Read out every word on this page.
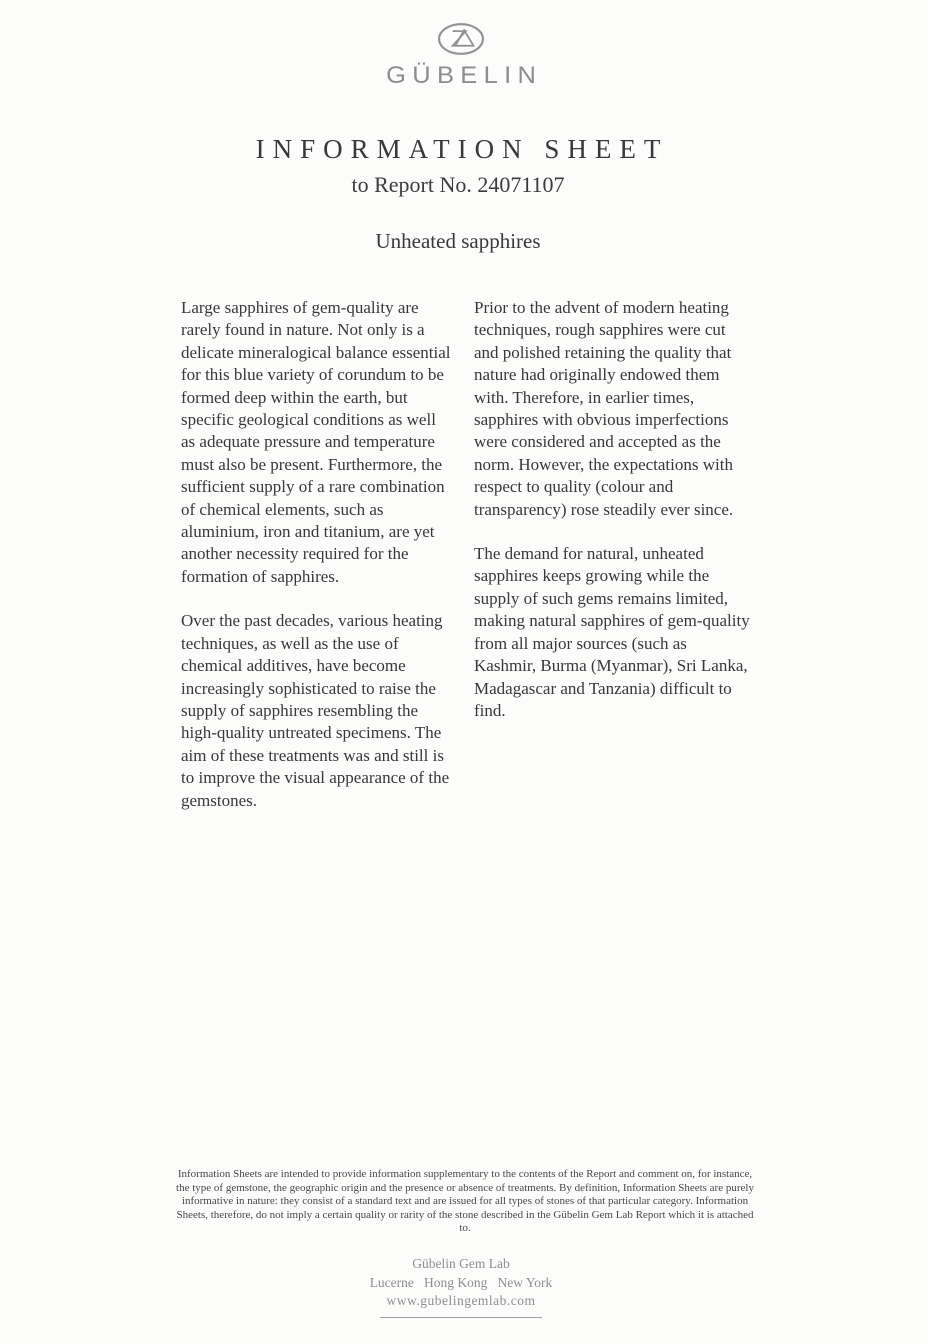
GÜBELIN
INFORMATION SHEET
to Report No. 24071107
Unheated sapphires

Large sapphires of gem-quality are rarely found in nature. Not only is a delicate mineralogical balance essential for this blue variety of corundum to be formed deep within the earth, but specific geological conditions as well as adequate pressure and temperature must also be present. Furthermore, the sufficient supply of a rare combination of chemical elements, such as aluminium, iron and titanium, are yet another necessity required for the formation of sapphires.

Over the past decades, various heating techniques, as well as the use of chemical additives, have become increasingly sophisticated to raise the supply of sapphires resembling the high-quality untreated specimens. The aim of these treatments was and still is to improve the visual appearance of the gemstones.

Prior to the advent of modern heating techniques, rough sapphires were cut and polished retaining the quality that nature had originally endowed them with. Therefore, in earlier times, sapphires with obvious imperfections were considered and accepted as the norm. However, the expectations with respect to quality (colour and transparency) rose steadily ever since.

The demand for natural, unheated sapphires keeps growing while the supply of such gems remains limited, making natural sapphires of gem-quality from all major sources (such as Kashmir, Burma (Myanmar), Sri Lanka, Madagascar and Tanzania) difficult to find.

Information Sheets are intended to provide information supplementary to the contents of the Report and comment on, for instance, the type of gemstone, the geographic origin and the presence or absence of treatments. By definition, Information Sheets are purely informative in nature: they consist of a standard text and are issued for all types of stones of that particular category. Information Sheets, therefore, do not imply a certain quality or rarity of the stone described in the Gübelin Gem Lab Report which it is attached to.

Gübelin Gem Lab
Lucerne   Hong Kong   New York
www.gubelingemlab.com
